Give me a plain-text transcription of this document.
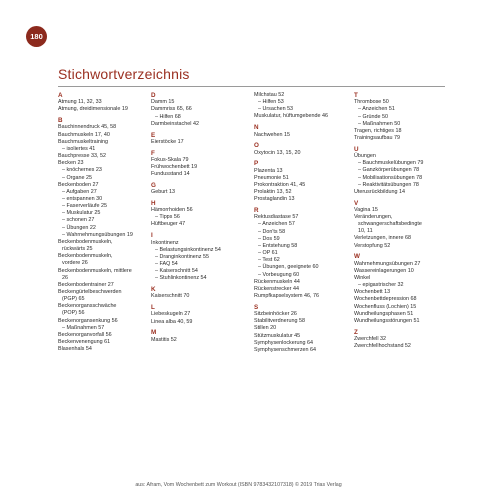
180
Stichwortverzeichnis
A
Atmung 11, 32, 33
Atmung, dreidimensionale 19
B
Bauchinnendruck 45, 58
Bauchmuskeln 17, 40
Bauchmuskeltraining
– isoliertes 41
Bauchpresse 33, 52
Becken 23
– knöchernes 23
– Organe 25
Beckenboden 27
– Aufgaben 27
– entspannen 30
– Faserverläufe 25
– Muskulatur 25
– schonen 27
– Übungen 22
– Wahrnehmungsübungen 19
Beckenbodenmuskeln,
rückwärts 25
Beckenbodenmuskeln,
vordere 26
Beckenbodenmuskeln, mittlere
26
Beckenbodentrainer 27
Beckengürtelbeschwerden
(PGP) 65
Beckenorgansschwäche
(POP) 56
Beckenorgansenkung 56
– Maßnahmen 57
Beckenorganvorfall 56
Beckenvenengung 61
Blasenhals 54
D
Damm 15
Dammriss 65, 66
– Hilfen 68
Darmbeinstachel 42
E
Eierstöcke 17
F
Fokus-Skala 79
Frühwochenbett 19
Fundusstand 14
G
Geburt 13
H
Hämorrhoiden 56
– Tipps 56
Hüftbeuger 47
I
Inkontinenz
– Belastungsinkontinenz 54
– Dranginkontinenz 55
– FAQ 54
– Kaiserschnitt 54
– Stuhlinkontinenz 54
K
Kaiserschnitt 70
L
Liebeskugeln 27
Linea alba 40, 59
M
Mastitis 52
Milchstau 52
– Hilfen 53
– Ursachen 53
Muskulatur, hüftumgebende 46
N
Nachwehen 15
O
Oxytocin 13, 15, 20
P
Plazenta 13
Pneumonie 51
Prokontraktion 41, 45
Prolaktin 13, 52
Prostaglandin 13
R
Rektusdiastase 57
– Anzeichen 57
– Don'ts 58
– Dos 59
– Entstehung 58
– OP 61
– Test 62
– Übungen, geeignete 60
– Vorbeugung 60
Rückenmuskeln 44
Rückenstrecker 44
Rumpfkapselsystem 46, 76
S
Sitzbeinhöcker 26
Stabilitverdnerung 58
Stillen 20
Stützmuskulatur 45
Symphysenlockerung 64
Symphysenschmerzen 64
T
Thrombose 50
– Anzeichen 51
– Gründe 50
– Maßnahmen 50
Tragen, richtiges 18
Trainingsaufbau 79
U
Übungen
– Bauchmuskelübungen 79
– Ganzkörperübungen 78
– Mobilisationsübungen 78
– Reaktivitätsübungen 78
Uterusrückbildung 14
V
Vagina 15
Veränderungen,
schwangerschaftsbedingte
10, 11
Verletzungen, innere 68
Verstopfung 52
W
Wahrnehmungsübungen 27
Wassereinlagerungen 10
Winkel
– epigastrischer 32
Wochenbett 13
Wochenbettdepression 68
Wochenfluss (Lochien) 15
Wundheilungsphasen 51
Wundheilungsstörungen 51
Z
Zwerchfell 32
Zwerchfellhochstand 52
aus: Afram, Vom Wochenbett zum Workout (ISBN 9783432107318) © 2019 Trias Verlag
